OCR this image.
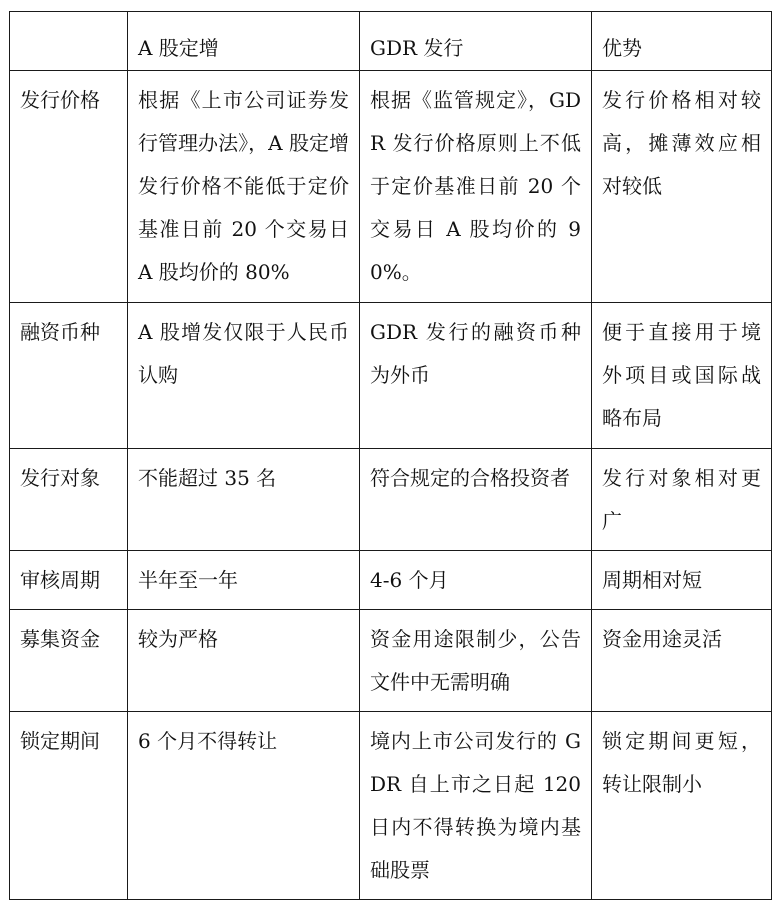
	A 股定增	GDR 发行	优势
发行价格	根据《上市公司证券发行管理办法》，A 股定增发行价格不能低于定价基准日前 20 个交易日 A 股均价的 80%	根据《监管规定》，GDR 发行价格原则上不低于定价基准日前 20 个交易日 A 股均价的 90%。	发行价格相对较高，摊薄效应相对较低
融资币种	A 股增发仅限于人民币认购	GDR 发行的融资币种为外币	便于直接用于境外项目或国际战略布局
发行对象	不能超过 35 名	符合规定的合格投资者	发行对象相对更广
审核周期	半年至一年	4-6 个月	周期相对短
募集资金	较为严格	资金用途限制少，公告文件中无需明确	资金用途灵活
锁定期间	6 个月不得转让	境内上市公司发行的 GDR 自上市之日起 120 日内不得转换为境内基础股票	锁定期间更短，转让限制小
